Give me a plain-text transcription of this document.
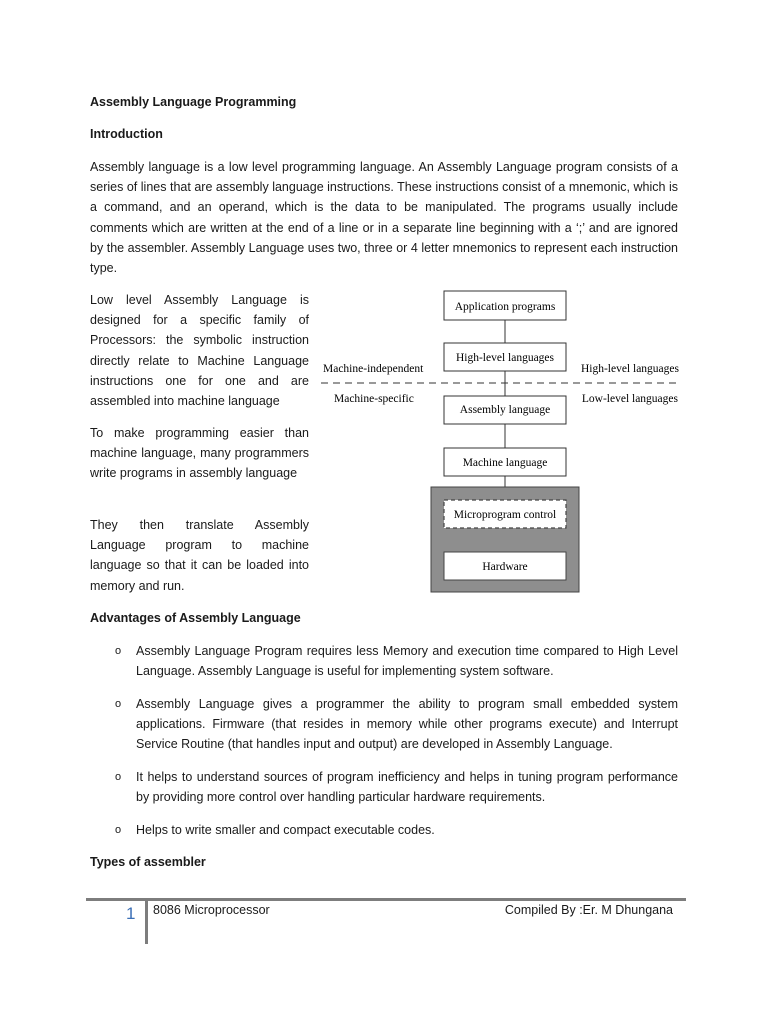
Assembly Language Programming
Introduction

Assembly language is a low level programming language. An Assembly Language program consists of a series of lines that are assembly language instructions. These instructions consist of a mnemonic, which is a command, and an operand, which is the data to be manipulated. The programs usually include comments which are written at the end of a line or in a separate line beginning with a ‘;’ and are ignored by the assembler. Assembly Language uses two, three or 4 letter mnemonics to represent each instruction type.

Low level Assembly Language is designed for a specific family of Processors: the symbolic instruction directly relate to Machine Language instructions one for one and are assembled into machine language

To make programming easier than machine language, many programmers write programs in assembly language

They then translate Assembly Language program to machine language so that it can be loaded into memory and run.

Application programs
High-level languages
Assembly language
Machine language
Microprogram control
Hardware
Machine-independent
Machine-specific
High-level languages
Low-level languages
Advantages of Assembly Language
o Assembly Language Program requires less Memory and execution time compared to High Level Language. Assembly Language is useful for implementing system software.
o Assembly Language gives a programmer the ability to program small embedded system applications. Firmware (that resides in memory while other programs execute) and Interrupt Service Routine (that handles input and output) are developed in Assembly Language.
o It helps to understand sources of program inefficiency and helps in tuning program performance by providing more control over handling particular hardware requirements.
o Helps to write smaller and compact executable codes.
Types of assembler
1 8086 Microprocessor	Compiled By :Er. M Dhungana
